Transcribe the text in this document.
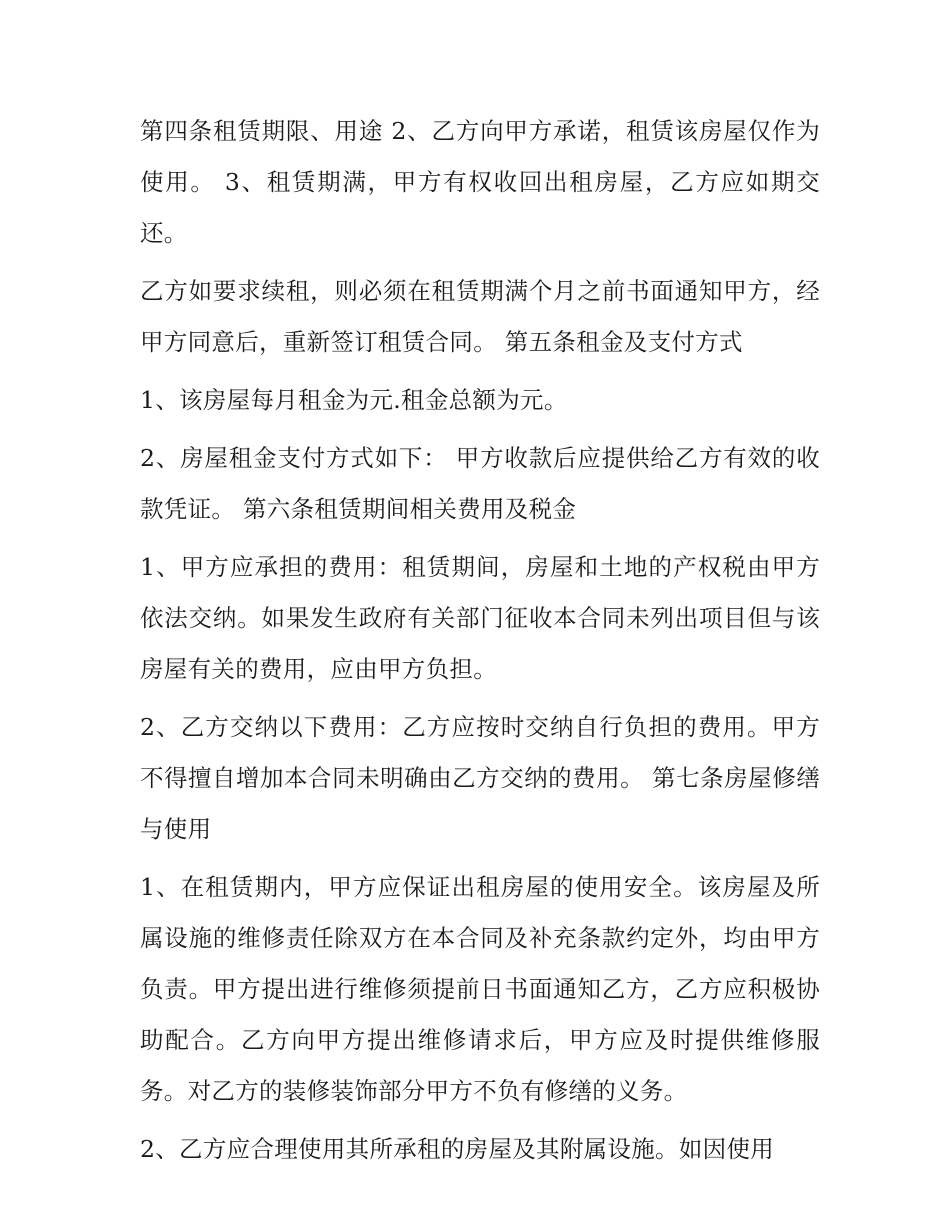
第四条租赁期限、用途 2、乙方向甲方承诺，租赁该房屋仅作为使用。 3、租赁期满，甲方有权收回出租房屋，乙方应如期交还。

乙方如要求续租，则必须在租赁期满个月之前书面通知甲方，经甲方同意后，重新签订租赁合同。 第五条租金及支付方式

1、该房屋每月租金为元.租金总额为元。

2、房屋租金支付方式如下： 甲方收款后应提供给乙方有效的收款凭证。 第六条租赁期间相关费用及税金

1、甲方应承担的费用：租赁期间，房屋和土地的产权税由甲方依法交纳。如果发生政府有关部门征收本合同未列出项目但与该房屋有关的费用，应由甲方负担。

2、乙方交纳以下费用：乙方应按时交纳自行负担的费用。甲方不得擅自增加本合同未明确由乙方交纳的费用。 第七条房屋修缮与使用

1、在租赁期内，甲方应保证出租房屋的使用安全。该房屋及所属设施的维修责任除双方在本合同及补充条款约定外，均由甲方负责。甲方提出进行维修须提前日书面通知乙方，乙方应积极协助配合。乙方向甲方提出维修请求后，甲方应及时提供维修服务。对乙方的装修装饰部分甲方不负有修缮的义务。

2、乙方应合理使用其所承租的房屋及其附属设施。如因使用
